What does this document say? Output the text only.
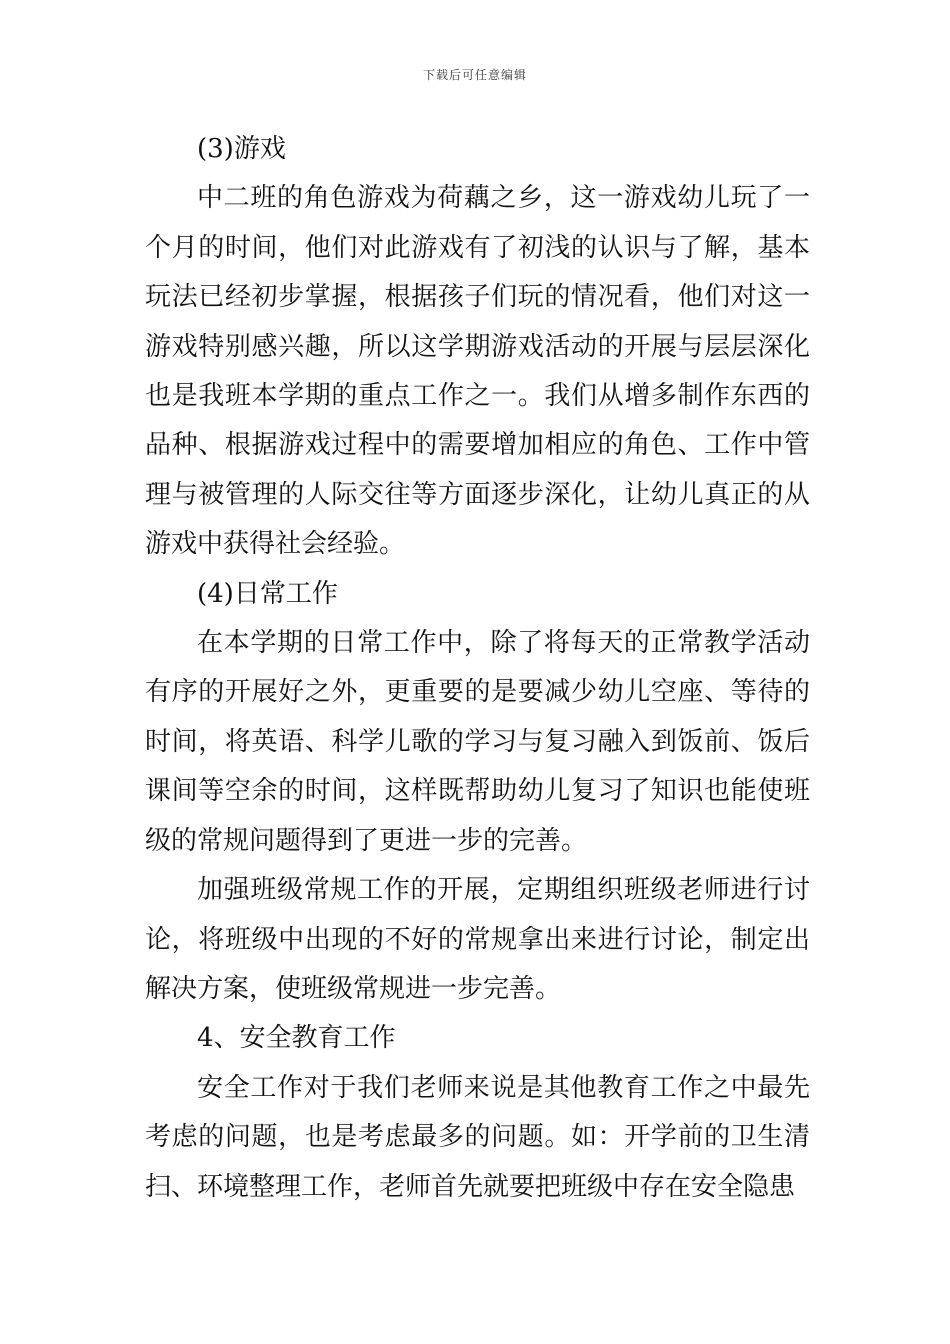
下载后可任意编辑

(3)游戏

中二班的角色游戏为荷藕之乡，这一游戏幼儿玩了一个月的时间，他们对此游戏有了初浅的认识与了解，基本玩法已经初步掌握，根据孩子们玩的情况看，他们对这一游戏特别感兴趣，所以这学期游戏活动的开展与层层深化也是我班本学期的重点工作之一。我们从增多制作东西的品种、根据游戏过程中的需要增加相应的角色、工作中管理与被管理的人际交往等方面逐步深化，让幼儿真正的从游戏中获得社会经验。

(4)日常工作

在本学期的日常工作中，除了将每天的正常教学活动有序的开展好之外，更重要的是要减少幼儿空座、等待的时间，将英语、科学儿歌的学习与复习融入到饭前、饭后课间等空余的时间，这样既帮助幼儿复习了知识也能使班级的常规问题得到了更进一步的完善。

加强班级常规工作的开展，定期组织班级老师进行讨论，将班级中出现的不好的常规拿出来进行讨论，制定出解决方案，使班级常规进一步完善。

4、安全教育工作

安全工作对于我们老师来说是其他教育工作之中最先考虑的问题，也是考虑最多的问题。如：开学前的卫生清扫、环境整理工作，老师首先就要把班级中存在安全隐患
